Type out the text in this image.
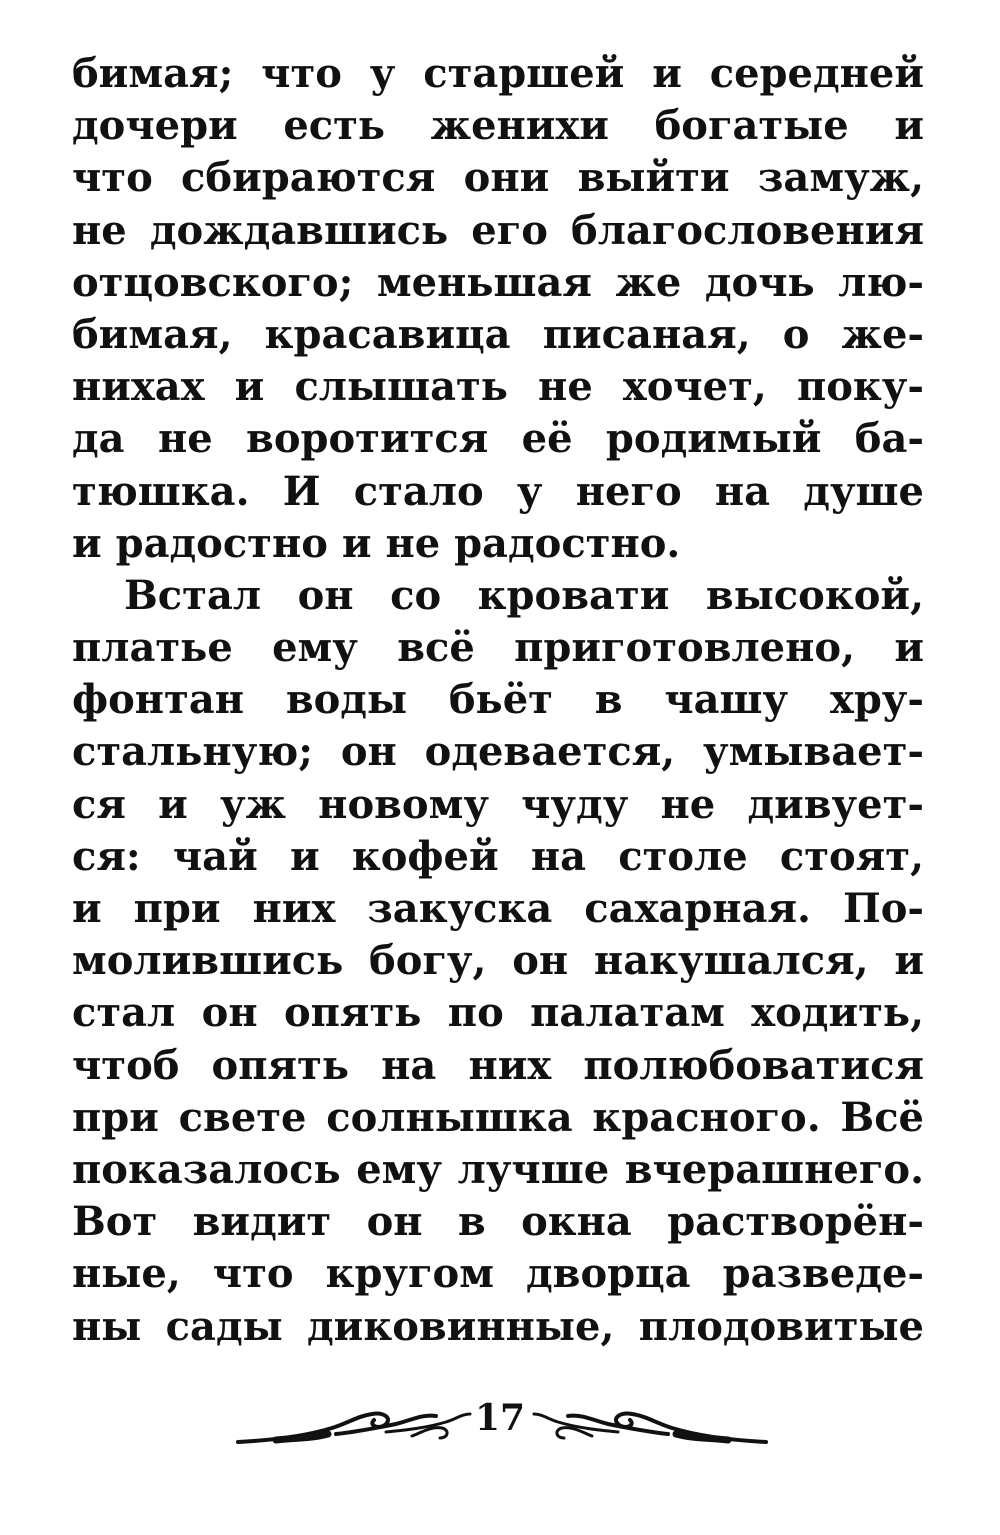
бимая; что у старшей и середней
дочери есть женихи богатые и
что сбираются они выйти замуж,
не дождавшись его благословения
отцовского; меньшая же дочь лю-
бимая, красавица писаная, о же-
нихах и слышать не хочет, поку-
да не воротится её родимый ба-
тюшка. И стало у него на душе
и радостно и не радостно.
Встал он со кровати высокой,
платье ему всё приготовлено, и
фонтан воды бьёт в чашу хру-
стальную; он одевается, умывает-
ся и уж новому чуду не дивует-
ся: чай и кофей на столе стоят,
и при них закуска сахарная. По-
молившись богу, он накушался, и
стал он опять по палатам ходить,
чтоб опять на них полюбоватися
при свете солнышка красного. Всё
показалось ему лучше вчерашнего.
Вот видит он в окна растворён-
ные, что кругом дворца разведе-
ны сады диковинные, плодовитые
17
